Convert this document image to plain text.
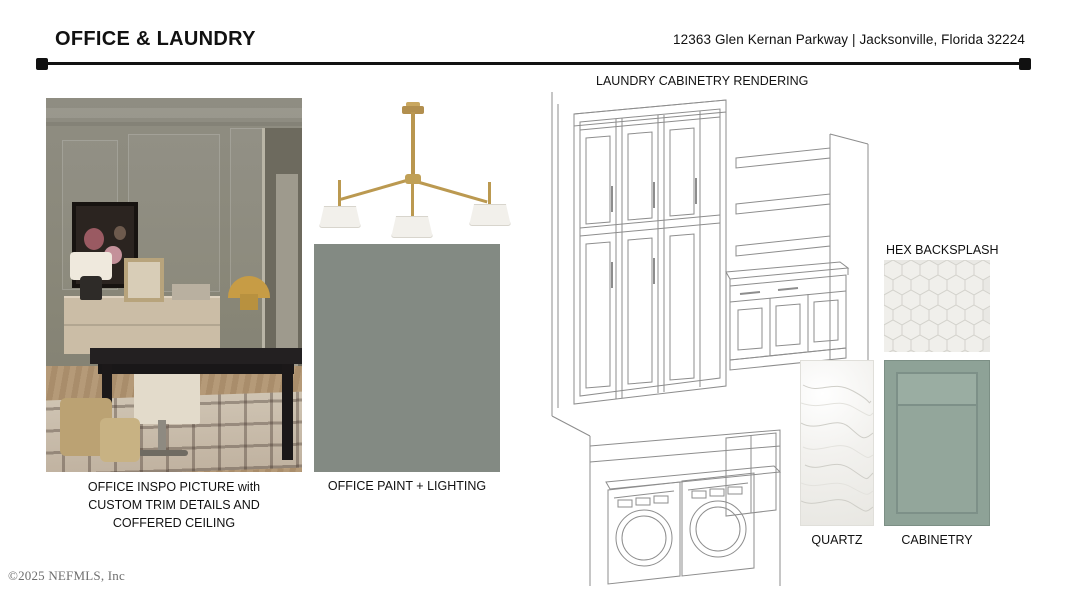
OFFICE & LAUNDRY	12363 Glen Kernan Parkway | Jacksonville, Florida 32224
OFFICE INSPO PICTURE with
CUSTOM TRIM DETAILS AND
COFFERED CEILING
OFFICE PAINT + LIGHTING
LAUNDRY CABINETRY RENDERING
HEX BACKSPLASH
QUARTZ	CABINETRY
©2025 NEFMLS, Inc
